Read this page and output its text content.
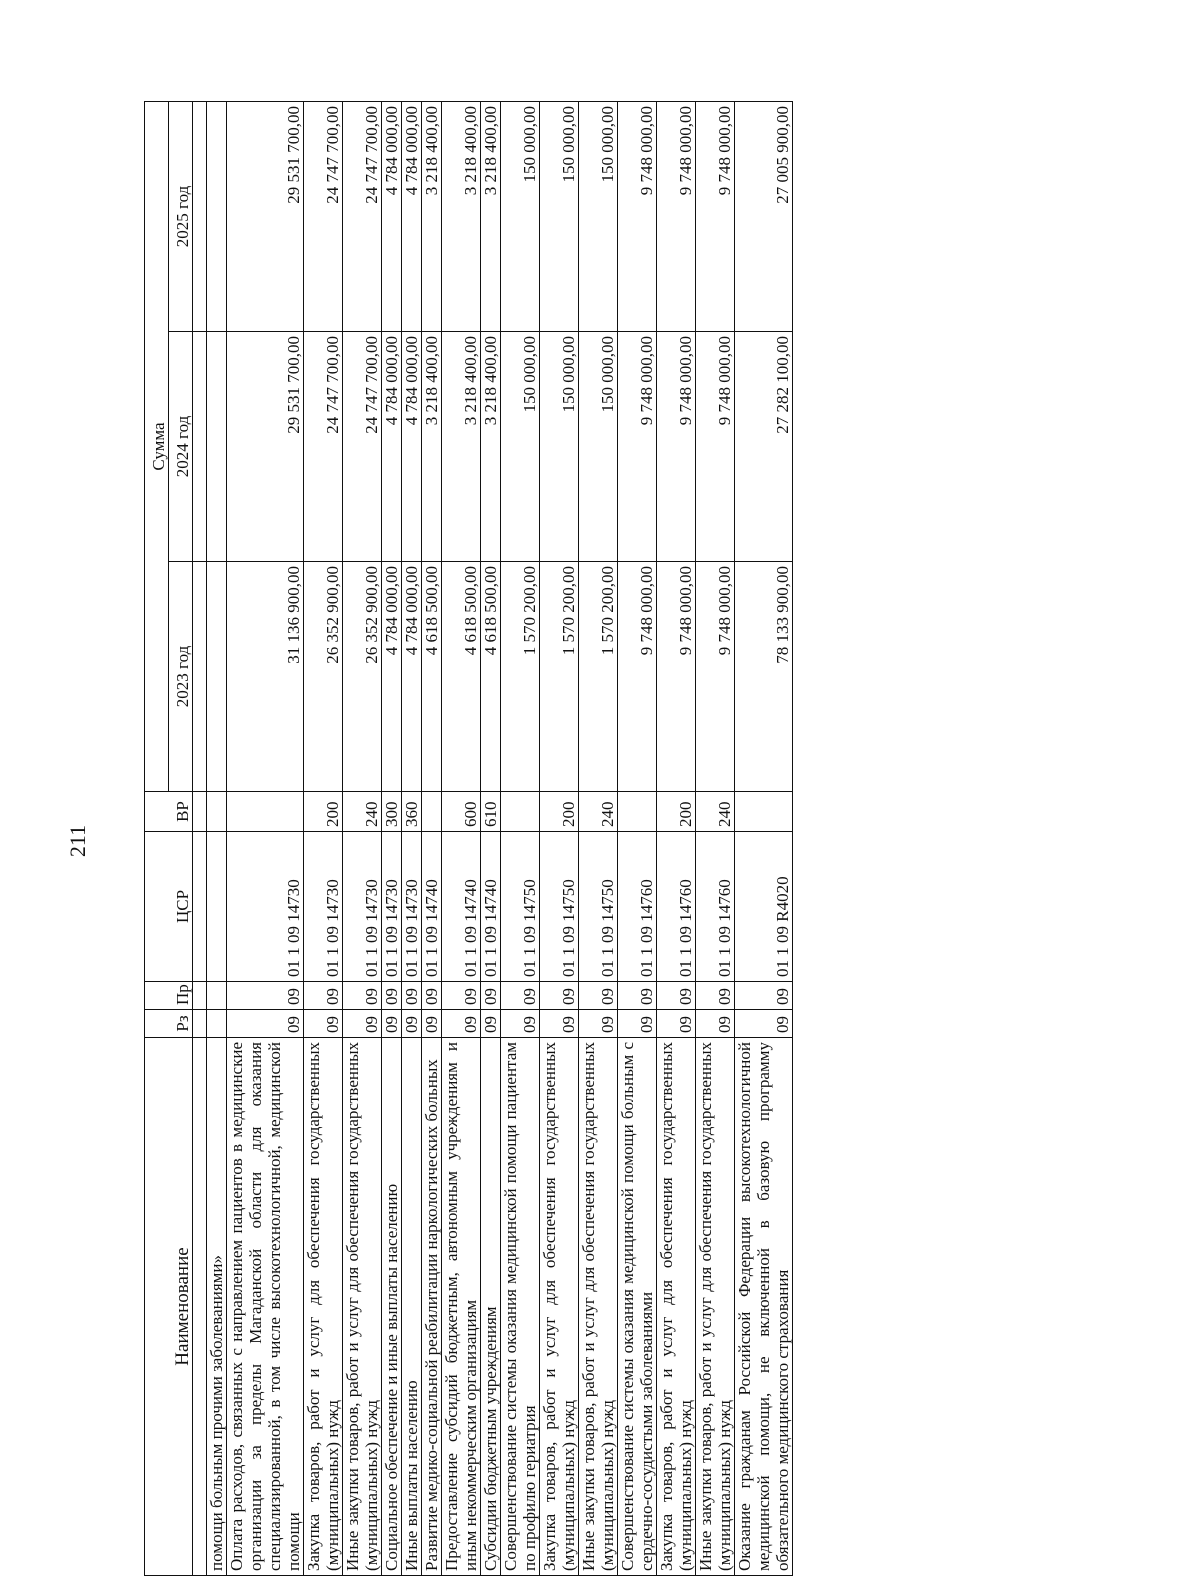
211
Наименование	Рз	Пр	ЦСР	ВР	Сумма		
					2023 год	2024 год	2025 год

помощи больным прочими заболеваниями»							
Оплата расходов, связанных с направлением пациентов в медицинские организации за пределы Магаданской области для оказания специализированной, в том числе высокотехнологичной, медицинской помощи	09	09	01 1 09 14730		31 136 900,00	29 531 700,00	29 531 700,00
Закупка товаров, работ и услуг для обеспечения государственных (муниципальных) нужд	09	09	01 1 09 14730	200	26 352 900,00	24 747 700,00	24 747 700,00
Иные закупки товаров, работ и услуг для обеспечения государственных (муниципальных) нужд	09	09	01 1 09 14730	240	26 352 900,00	24 747 700,00	24 747 700,00
Социальное обеспечение и иные выплаты населению	09	09	01 1 09 14730	300	4 784 000,00	4 784 000,00	4 784 000,00
Иные выплаты населению	09	09	01 1 09 14730	360	4 784 000,00	4 784 000,00	4 784 000,00
Развитие медико-социальной реабилитации наркологических больных	09	09	01 1 09 14740		4 618 500,00	3 218 400,00	3 218 400,00
Предоставление субсидий бюджетным, автономным учреждениям и иным некоммерческим организациям	09	09	01 1 09 14740	600	4 618 500,00	3 218 400,00	3 218 400,00
Субсидии бюджетным учреждениям	09	09	01 1 09 14740	610	4 618 500,00	3 218 400,00	3 218 400,00
Совершенствование системы оказания медицинской помощи пациентам по профилю гериатрия	09	09	01 1 09 14750		1 570 200,00	150 000,00	150 000,00
Закупка товаров, работ и услуг для обеспечения государственных (муниципальных) нужд	09	09	01 1 09 14750	200	1 570 200,00	150 000,00	150 000,00
Иные закупки товаров, работ и услуг для обеспечения государственных (муниципальных) нужд	09	09	01 1 09 14750	240	1 570 200,00	150 000,00	150 000,00
Совершенствование системы оказания медицинской помощи больным с сердечно-сосудистыми заболеваниями	09	09	01 1 09 14760		9 748 000,00	9 748 000,00	9 748 000,00
Закупка товаров, работ и услуг для обеспечения государственных (муниципальных) нужд	09	09	01 1 09 14760	200	9 748 000,00	9 748 000,00	9 748 000,00
Иные закупки товаров, работ и услуг для обеспечения государственных (муниципальных) нужд	09	09	01 1 09 14760	240	9 748 000,00	9 748 000,00	9 748 000,00
Оказание гражданам Российской Федерации высокотехнологичной медицинской помощи, не включенной в базовую программу обязательного медицинского страхования	09	09	01 1 09 R4020		78 133 900,00	27 282 100,00	27 005 900,00
